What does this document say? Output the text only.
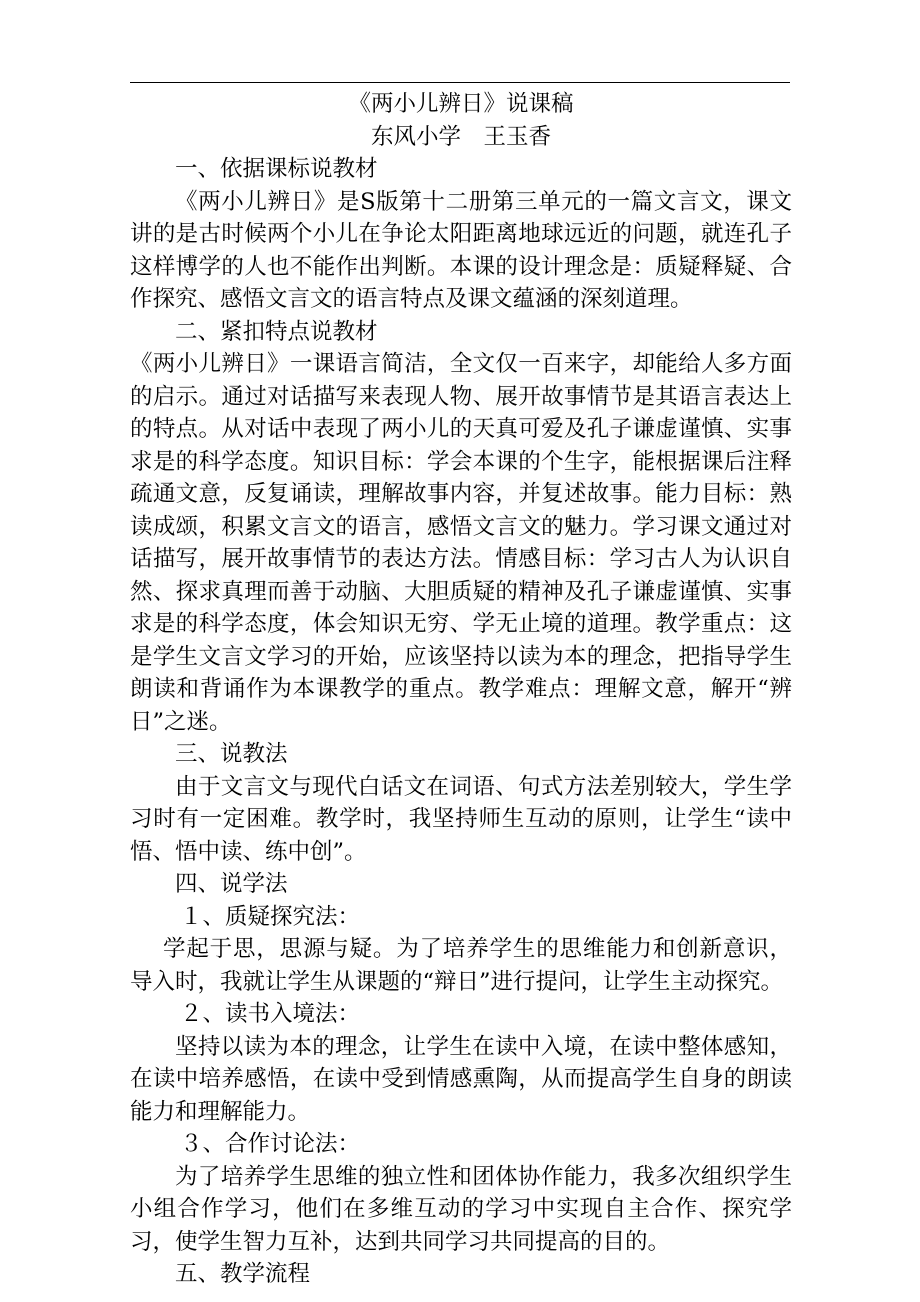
《两小儿辨日》说课稿

东风小学　王玉香

一、依据课标说教材

《两小儿辨日》是S版第十二册第三单元的一篇文言文，课文讲的是古时候两个小儿在争论太阳距离地球远近的问题，就连孔子这样博学的人也不能作出判断。本课的设计理念是：质疑释疑、合作探究、感悟文言文的语言特点及课文蕴涵的深刻道理。

二、紧扣特点说教材

《两小儿辨日》一课语言简洁，全文仅一百来字，却能给人多方面的启示。通过对话描写来表现人物、展开故事情节是其语言表达上的特点。从对话中表现了两小儿的天真可爱及孔子谦虚谨慎、实事求是的科学态度。知识目标：学会本课的个生字，能根据课后注释疏通文意，反复诵读，理解故事内容，并复述故事。能力目标：熟读成颂，积累文言文的语言，感悟文言文的魅力。学习课文通过对话描写，展开故事情节的表达方法。情感目标：学习古人为认识自然、探求真理而善于动脑、大胆质疑的精神及孔子谦虚谨慎、实事求是的科学态度，体会知识无穷、学无止境的道理。教学重点：这是学生文言文学习的开始，应该坚持以读为本的理念，把指导学生朗读和背诵作为本课教学的重点。教学难点：理解文意，解开“辨日”之迷。

三、说教法

由于文言文与现代白话文在词语、句式方法差别较大，学生学习时有一定困难。教学时，我坚持师生互动的原则，让学生“读中悟、悟中读、练中创”。

四、说学法

１、质疑探究法：

学起于思，思源与疑。为了培养学生的思维能力和创新意识，导入时，我就让学生从课题的“辩日”进行提问，让学生主动探究。

２、读书入境法：

坚持以读为本的理念，让学生在读中入境，在读中整体感知，在读中培养感悟，在读中受到情感熏陶，从而提高学生自身的朗读能力和理解能力。

３、合作讨论法：

为了培养学生思维的独立性和团体协作能力，我多次组织学生小组合作学习，他们在多维互动的学习中实现自主合作、探究学习，使学生智力互补，达到共同学习共同提高的目的。

五、教学流程
